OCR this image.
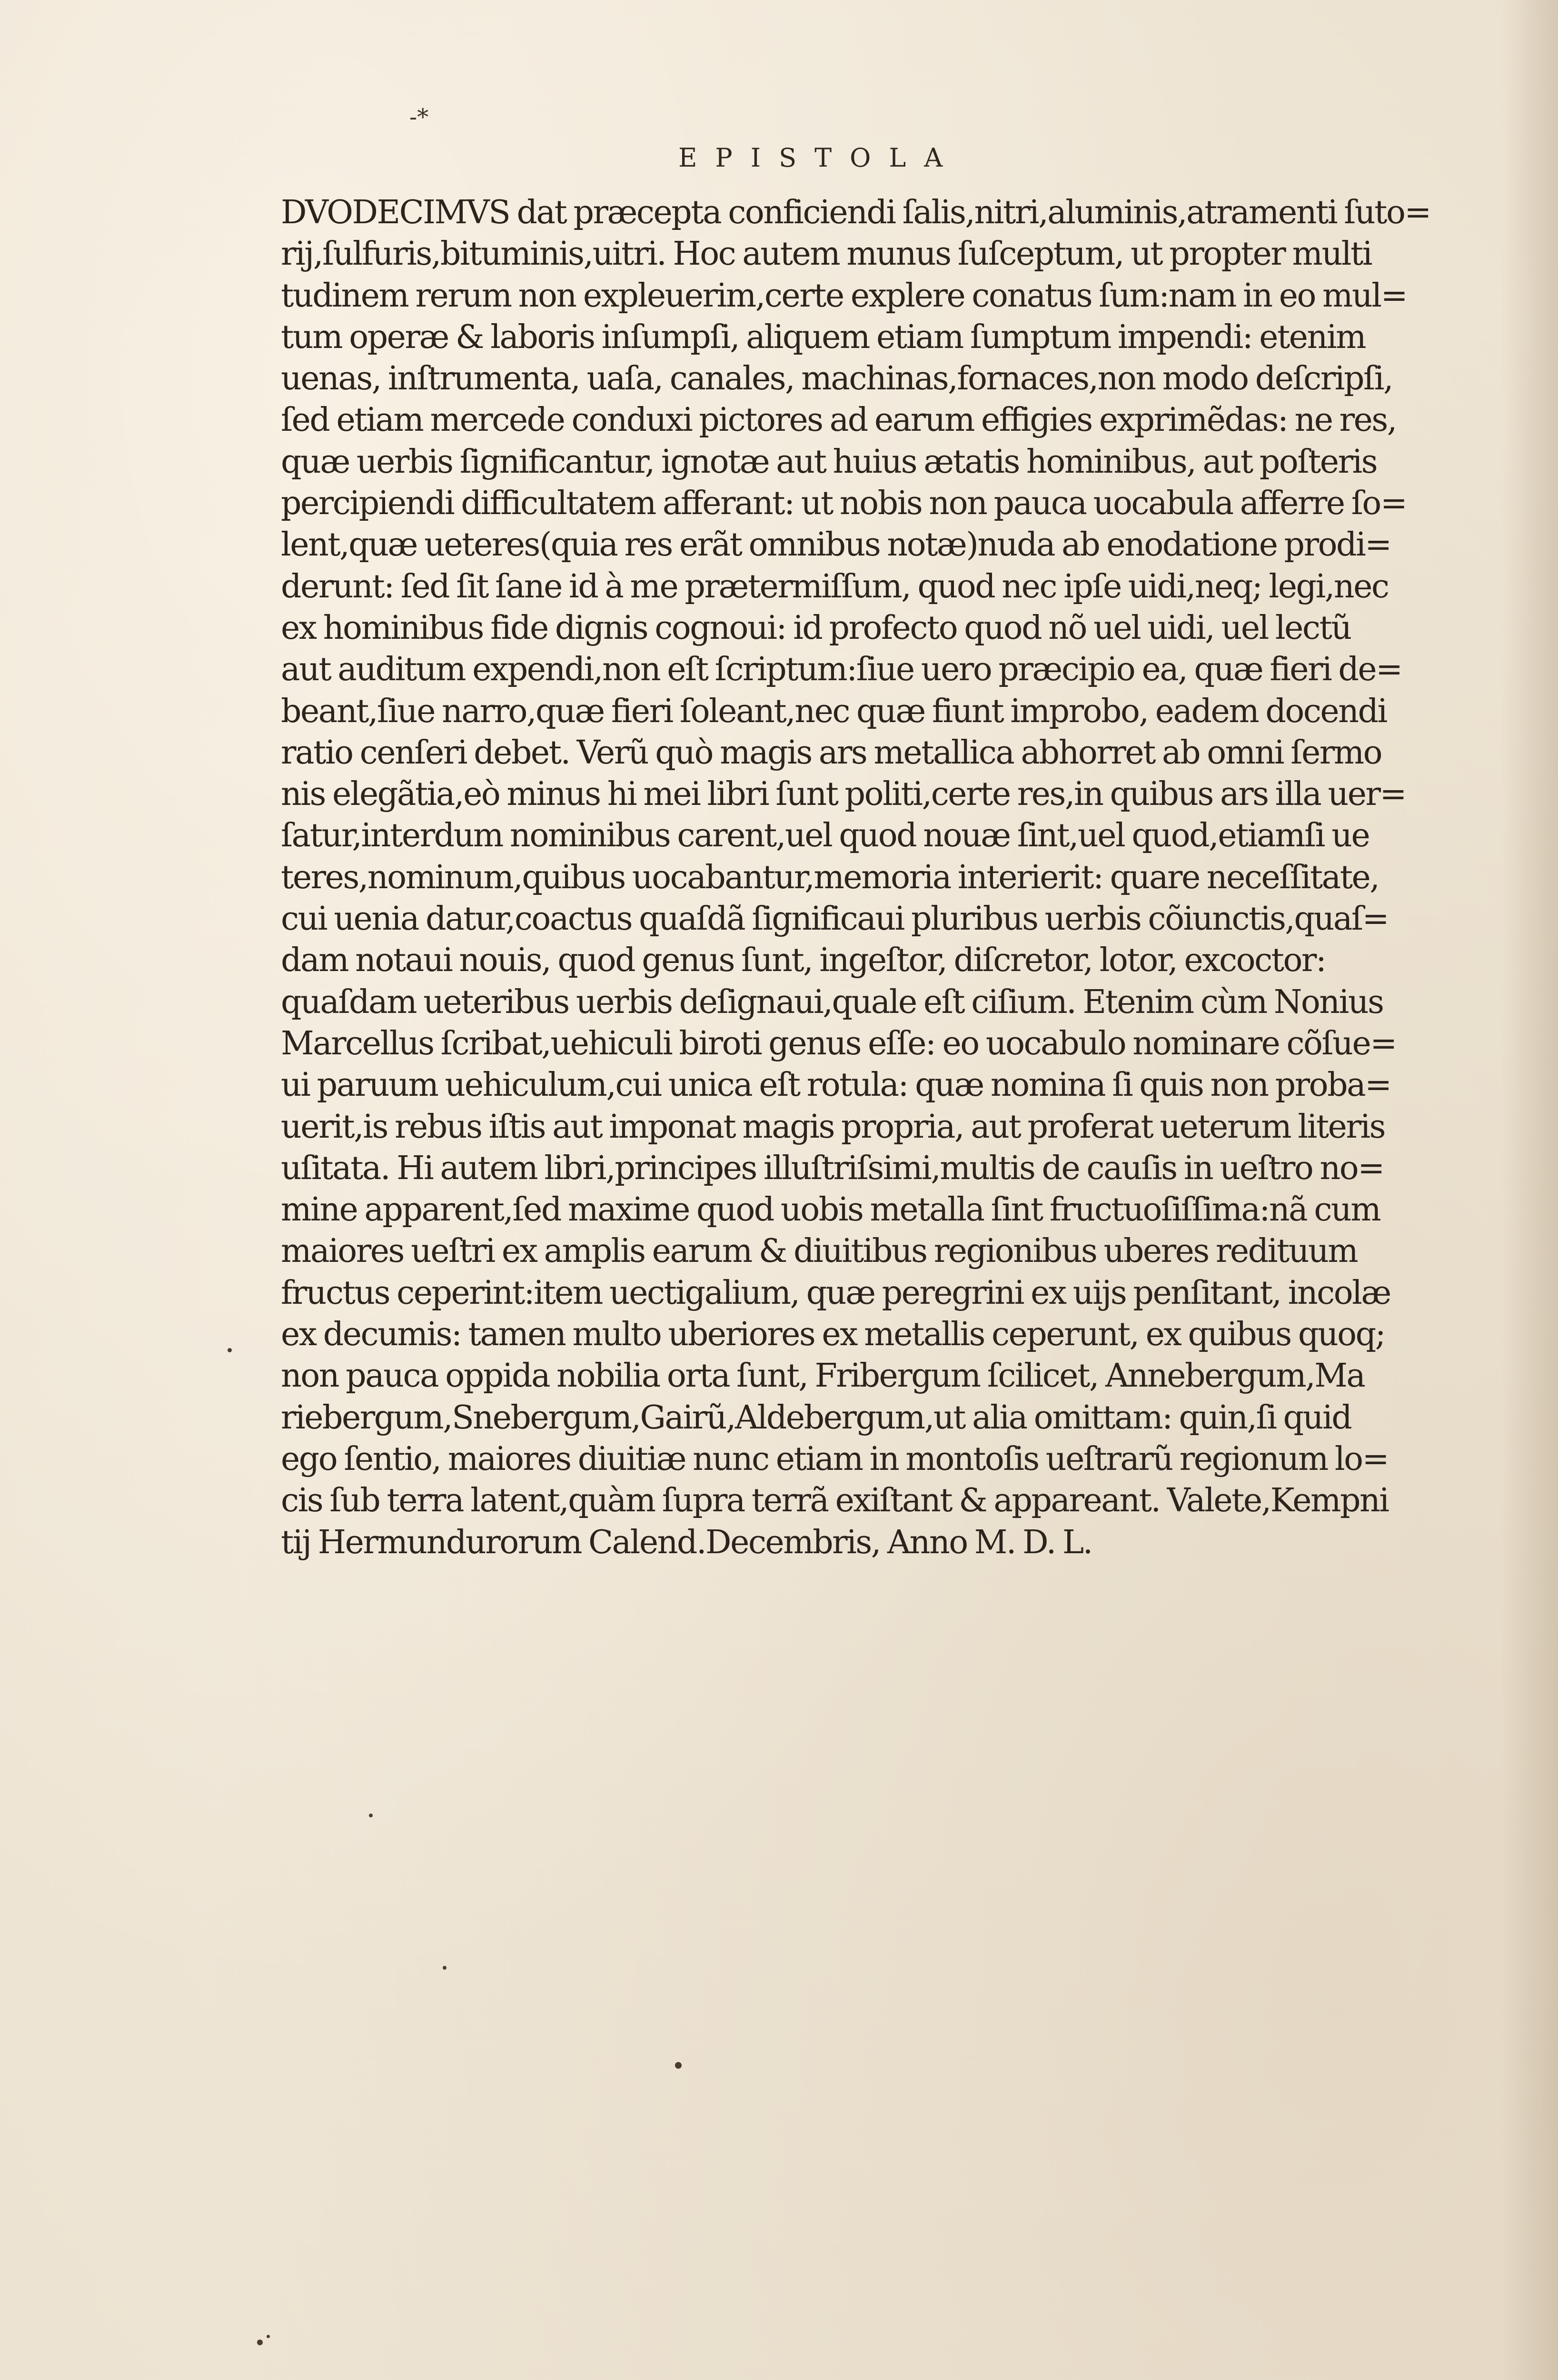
-*
EPISTOLA
DVODECIMVS dat præcepta conficiendi ſalis,nitri,aluminis,atramenti ſuto=
rij,ſulfuris,bituminis,uitri. Hoc autem munus ſuſceptum, ut propter multi
tudinem rerum non expleuerim,certe explere conatus ſum:nam in eo mul=
tum operæ & laboris inſumpſi, aliquem etiam ſumptum impendi: etenim
uenas, inſtrumenta, uaſa, canales, machinas,fornaces,non modo deſcripſi,
ſed etiam mercede conduxi pictores ad earum effigies exprimẽdas: ne res,
quæ uerbis ſignificantur, ignotæ aut huius ætatis hominibus, aut poſteris
percipiendi difficultatem afferant: ut nobis non pauca uocabula afferre ſo=
lent,quæ ueteres(quia res erãt omnibus notæ)nuda ab enodatione prodi=
derunt: ſed ſit ſane id à me prætermiſſum, quod nec ipſe uidi,neq; legi,nec
ex hominibus fide dignis cognoui: id profecto quod nõ uel uidi, uel lectũ
aut auditum expendi,non eſt ſcriptum:ſiue uero præcipio ea, quæ fieri de=
beant,ſiue narro,quæ fieri ſoleant,nec quæ fiunt improbo, eadem docendi
ratio cenſeri debet. Verũ quò magis ars metallica abhorret ab omni ſermo
nis elegãtia,eò minus hi mei libri ſunt politi,certe res,in quibus ars illa uer=
ſatur,interdum nominibus carent,uel quod nouæ ſint,uel quod,etiamſi ue
teres,nominum,quibus uocabantur,memoria interierit: quare neceſſitate,
cui uenia datur,coactus quaſdã ſignificaui pluribus uerbis cõiunctis,quaſ=
dam notaui nouis, quod genus ſunt, ingeſtor, diſcretor, lotor, excoctor:
quaſdam ueteribus uerbis deſignaui,quale eſt ciſium. Etenim cùm Nonius
Marcellus ſcribat,uehiculi biroti genus eſſe: eo uocabulo nominare cõſue=
ui paruum uehiculum,cui unica eſt rotula: quæ nomina ſi quis non proba=
uerit,is rebus iſtis aut imponat magis propria, aut proferat ueterum literis
uſitata. Hi autem libri,principes illuſtriſsimi,multis de cauſis in ueſtro no=
mine apparent,ſed maxime quod uobis metalla ſint fructuoſiſſima:nã cum
maiores ueſtri ex amplis earum & diuitibus regionibus uberes redituum
fructus ceperint:item uectigalium, quæ peregrini ex uijs penſitant, incolæ
ex decumis: tamen multo uberiores ex metallis ceperunt, ex quibus quoq;
non pauca oppida nobilia orta ſunt, Fribergum ſcilicet, Annebergum,Ma
riebergum,Snebergum,Gairũ,Aldebergum,ut alia omittam: quin,ſi quid
ego ſentio, maiores diuitiæ nunc etiam in montoſis ueſtrarũ regionum lo=
cis ſub terra latent,quàm ſupra terrã exiſtant & appareant. Valete,Kempni
tij Hermundurorum Calend.Decembris, Anno M. D. L.
